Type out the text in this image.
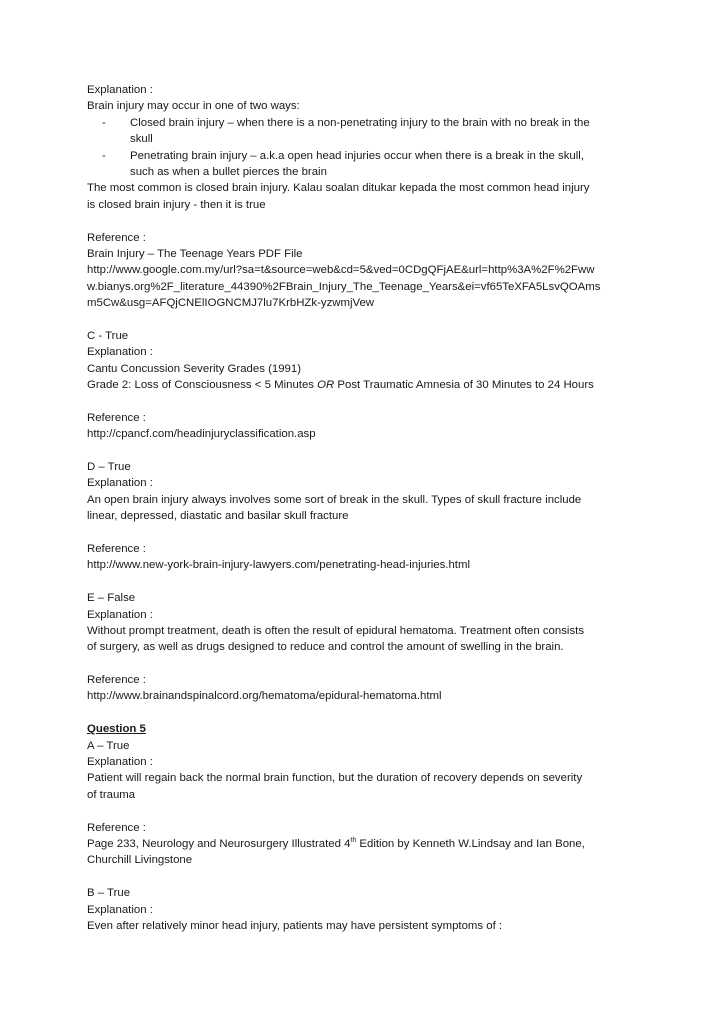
Explanation :
Brain injury may occur in one of two ways:
- Closed brain injury – when there is a non-penetrating injury to the brain with no break in the
skull
- Penetrating brain injury – a.k.a open head injuries occur when there is a break in the skull,
such as when a bullet pierces the brain
The most common is closed brain injury. Kalau soalan ditukar kepada the most common head injury
is closed brain injury - then it is true
Reference :
Brain Injury – The Teenage Years PDF File
http://www.google.com.my/url?sa=t&source=web&cd=5&ved=0CDgQFjAE&url=http%3A%2F%2Fww
w.bianys.org%2F_literature_44390%2FBrain_Injury_The_Teenage_Years&ei=vf65TeXFA5LsvQOAms
m5Cw&usg=AFQjCNElIOGNCMJ7lu7KrbHZk-yzwmjVew
C - True
Explanation :
Cantu Concussion Severity Grades (1991)
Grade 2: Loss of Consciousness < 5 Minutes OR Post Traumatic Amnesia of 30 Minutes to 24 Hours
Reference :
http://cpancf.com/headinjuryclassification.asp
D – True
Explanation :
An open brain injury always involves some sort of break in the skull. Types of skull fracture include
linear, depressed, diastatic and basilar skull fracture
Reference :
http://www.new-york-brain-injury-lawyers.com/penetrating-head-injuries.html
E – False
Explanation :
Without prompt treatment, death is often the result of epidural hematoma. Treatment often consists
of surgery, as well as drugs designed to reduce and control the amount of swelling in the brain.
Reference :
http://www.brainandspinalcord.org/hematoma/epidural-hematoma.html
Question 5
A – True
Explanation :
Patient will regain back the normal brain function, but the duration of recovery depends on severity
of trauma
Reference :
Page 233, Neurology and Neurosurgery Illustrated 4th Edition by Kenneth W.Lindsay and Ian Bone,
Churchill Livingstone
B – True
Explanation :
Even after relatively minor head injury, patients may have persistent symptoms of :
